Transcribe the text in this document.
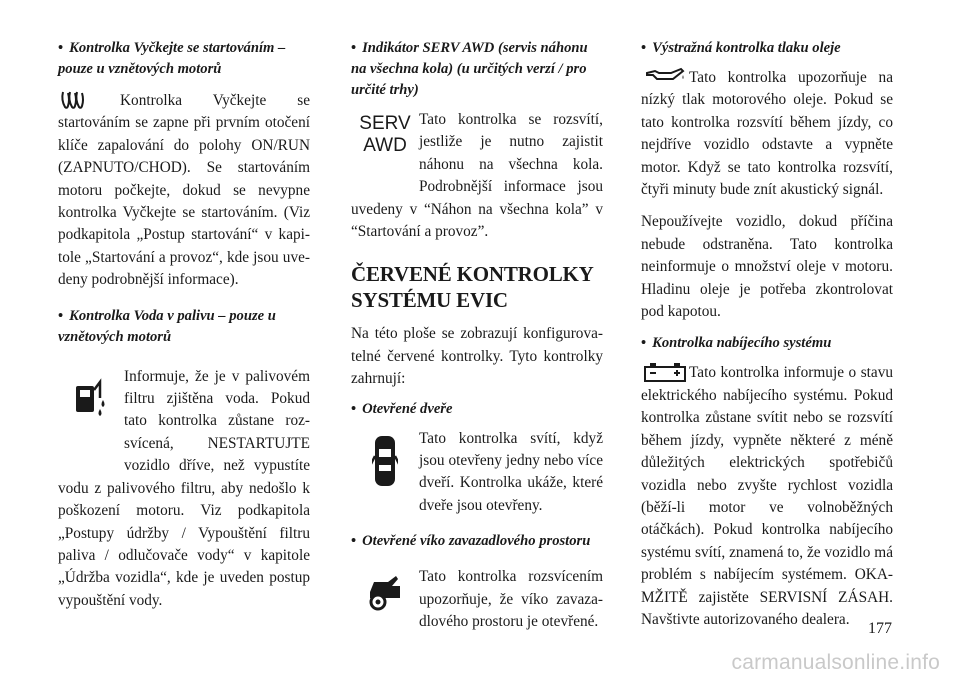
• Kontrolka Vyčkejte se startováním – pouze u vznětových motorů

Kontrolka Vyčkejte se startováním se zapne při prvním otočení klíče zapalování do polohy ON/RUN (ZAPNUTO/CHOD). Se startováním motoru počkejte, dokud se nevypne kontrolka Vyčkejte se startováním. (Viz podkapitola „Postup startování“ v kapitole „Startování a provoz“, kde jsou uvedeny podrobnější informace).

• Kontrolka Voda v palivu – pouze u vznětových motorů

Informuje, že je v palivovém filtru zjištěna voda. Pokud tato kontrolka zůstane rozsvícená, NESTARTUJTE vozidlo dříve, než vypustíte vodu z palivového filtru, aby nedošlo k poškození motoru. Viz podkapitola „Postupy údržby / Vypouštění filtru paliva / odlučovače vody“ v kapitole „Údržba vozidla“, kde je uveden postup vypouštění vody.

• Indikátor SERV AWD (servis náhonu na všechna kola) (u určitých verzí / pro určité trhy)

SERV
AWD

Tato kontrolka se rozsvítí, jestliže je nutno zajistit náhonu na všechna kola. Podrobnější informace jsou uvedeny v “Náhon na všechna kola” v “Startování a provoz”.

ČERVENÉ KONTROLKY SYSTÉMU EVIC

Na této ploše se zobrazují konfigurovatelné červené kontrolky. Tyto kontrolky zahrnují:

• Otevřené dveře

Tato kontrolka svítí, když jsou otevřeny jedny nebo více dveří. Kontrolka ukáže, které dveře jsou otevřeny.

• Otevřené víko zavazadlového prostoru

Tato kontrolka rozsvícením upozorňuje, že víko zavazadlového prostoru je otevřené.

• Výstražná kontrolka tlaku oleje

Tato kontrolka upozorňuje na nízký tlak motorového oleje. Pokud se tato kontrolka rozsvítí během jízdy, co nejdříve vozidlo odstavte a vypněte motor. Když se tato kontrolka rozsvítí, čtyři minuty bude znít akustický signál.

Nepoužívejte vozidlo, dokud příčina nebude odstraněna. Tato kontrolka neinformuje o množství oleje v motoru. Hladinu oleje je potřeba zkontrolovat pod kapotou.

• Kontrolka nabíjecího systému

Tato kontrolka informuje o stavu elektrického nabíjecího systému. Pokud kontrolka zůstane svítit nebo se rozsvítí během jízdy, vypněte některé z méně důležitých elektrických spotřebičů vozidla nebo zvyšte rychlost vozidla (běží-li motor ve volnoběžných otáčkách). Pokud kontrolka nabíjecího systému svítí, znamená to, že vozidlo má problém s nabíjecím systémem. OKAMŽITĚ zajistěte SERVISNÍ ZÁSAH. Navštivte autorizovaného dealera.

177
carmanualsonline.info
